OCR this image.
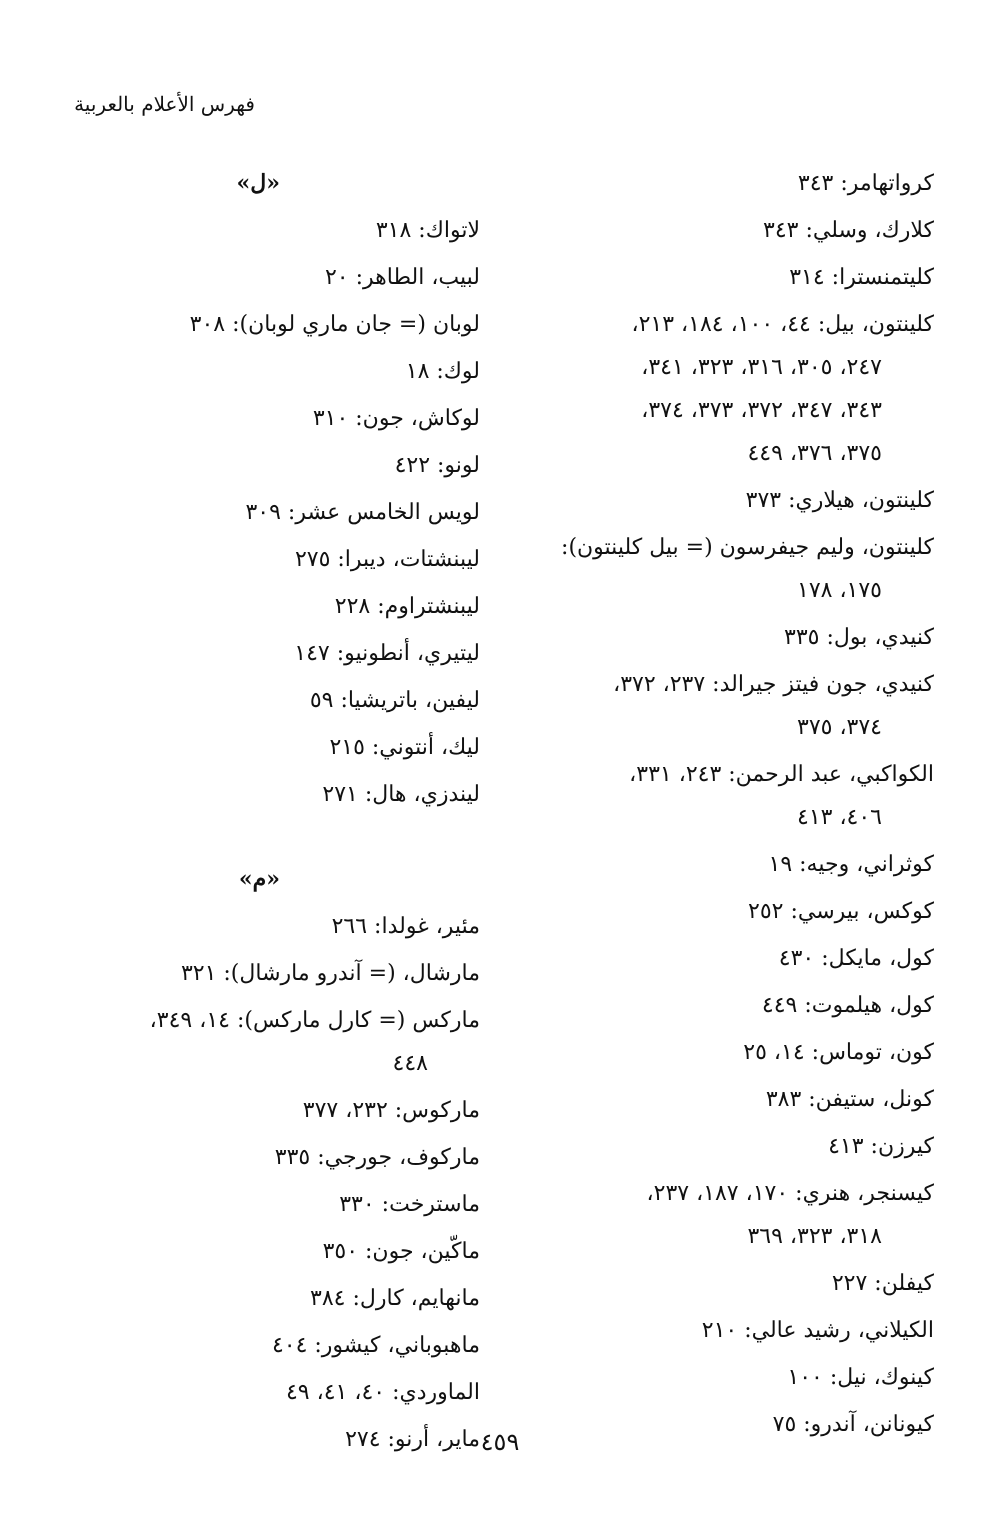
فهرس الأعلام بالعربية
كرواتهامر: ٣٤٣
كلارك، وسلي: ٣٤٣
كليتمنسترا: ٣١٤
كلينتون، بيل: ٤٤، ١٠٠، ١٨٤، ٢١٣،
٢٤٧، ٣٠٥، ٣١٦، ٣٢٣، ٣٤١،
٣٤٣، ٣٤٧، ٣٧٢، ٣٧٣، ٣٧٤،
٣٧٥، ٣٧٦، ٤٤٩
كلينتون، هيلاري: ٣٧٣
كلينتون، وليم جيفرسون (= بيل كلينتون):
١٧٥، ١٧٨
كنيدي، بول: ٣٣٥
كنيدي، جون فيتز جيرالد: ٢٣٧، ٣٧٢،
٣٧٤، ٣٧٥
الكواكبي، عبد الرحمن: ٢٤٣، ٣٣١،
٤٠٦، ٤١٣
كوثراني، وجيه: ١٩
كوكس، بيرسي: ٢٥٢
كول، مايكل: ٤٣٠
كول، هيلموت: ٤٤٩
كون، توماس: ١٤، ٢٥
كونل، ستيفن: ٣٨٣
كيرزن: ٤١٣
كيسنجر، هنري: ١٧٠، ١٨٧، ٢٣٧،
٣١٨، ٣٢٣، ٣٦٩
كيفلن: ٢٢٧
الكيلاني، رشيد عالي: ٢١٠
كينوك، نيل: ١٠٠
كيونانن، آندرو: ٧٥
«ل»
لاتواك: ٣١٨
لبيب، الطاهر: ٢٠
لوبان (= جان ماري لوبان): ٣٠٨
لوك: ١٨
لوكاش، جون: ٣١٠
لونو: ٤٢٢
لويس الخامس عشر: ٣٠٩
ليبنشتات، ديبرا: ٢٧٥
ليبنشتراوم: ٢٢٨
ليتيري، أنطونيو: ١٤٧
ليفين، باتريشيا: ٥٩
ليك، أنتوني: ٢١٥
ليندزي، هال: ٢٧١
«م»
مئير، غولدا: ٢٦٦
مارشال، (= آندرو مارشال): ٣٢١
ماركس (= كارل ماركس): ١٤، ٣٤٩،
٤٤٨
ماركوس: ٢٣٢، ٣٧٧
ماركوف، جورجي: ٣٣٥
ماسترخت: ٣٣٠
ماكّين، جون: ٣٥٠
مانهايم، كارل: ٣٨٤
ماهبوباني، كيشور: ٤٠٤
الماوردي: ٤٠، ٤١، ٤٩
ماير، أرنو: ٢٧٤ ٤٥٩
